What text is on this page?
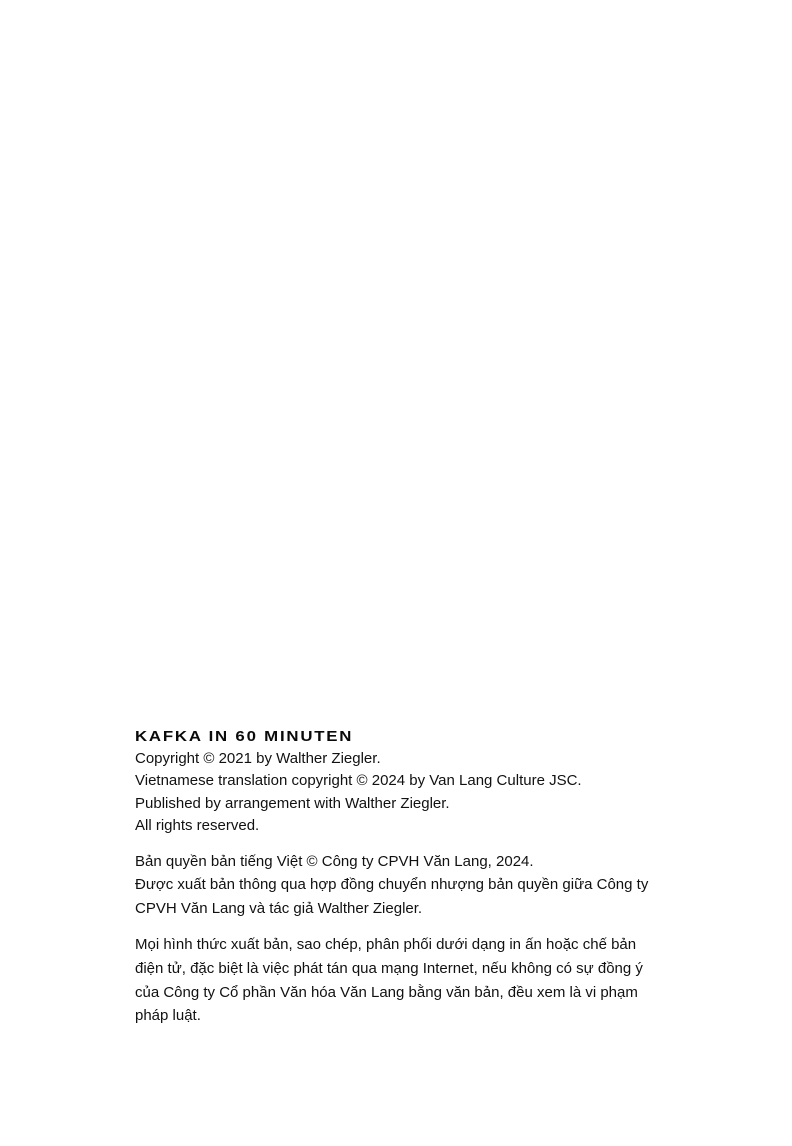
KAFKA IN 60 MINUTEN
Copyright © 2021 by Walther Ziegler.
Vietnamese translation copyright © 2024 by Van Lang Culture JSC.
Published by arrangement with Walther Ziegler.
All rights reserved.
Bản quyền bản tiếng Việt © Công ty CPVH Văn Lang, 2024.
Được xuất bản thông qua hợp đồng chuyển nhượng bản quyền giữa Công ty
CPVH Văn Lang và tác giả Walther Ziegler.
Mọi hình thức xuất bản, sao chép, phân phối dưới dạng in ấn hoặc chế bản
điện tử, đặc biệt là việc phát tán qua mạng Internet, nếu không có sự đồng ý
của Công ty Cổ phần Văn hóa Văn Lang bằng văn bản, đều xem là vi phạm
pháp luật.
